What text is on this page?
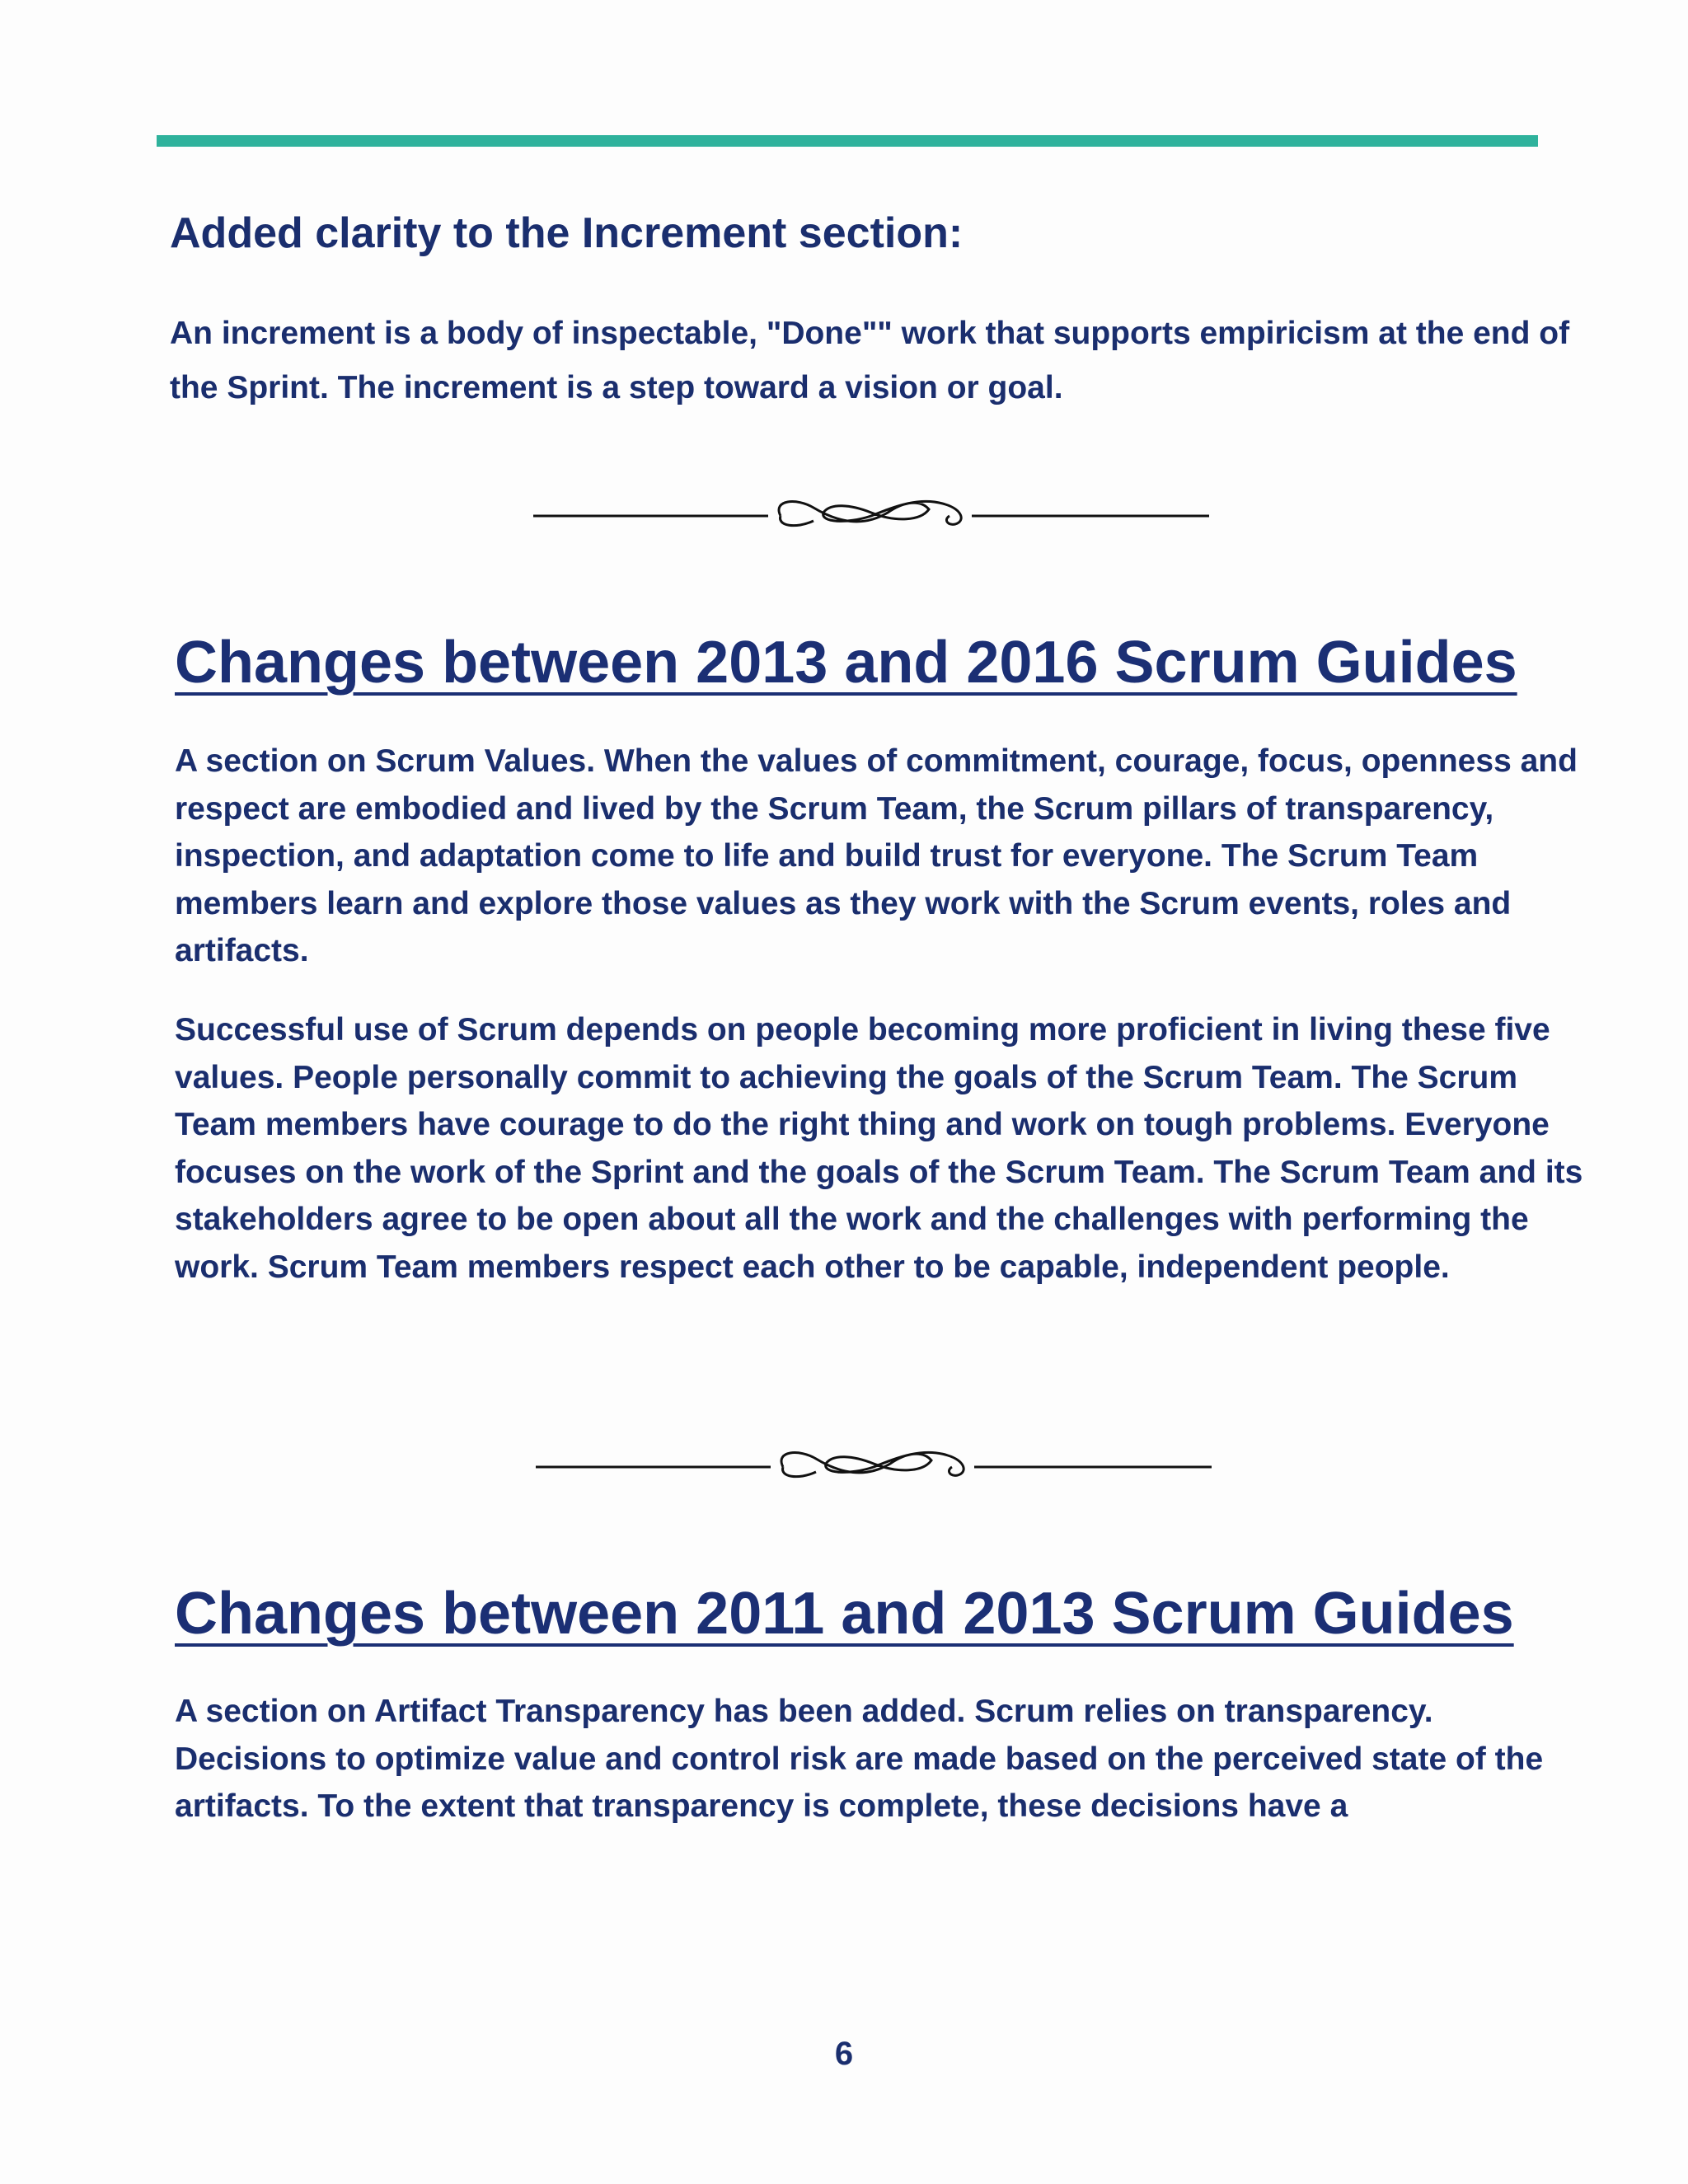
Added clarity to the Increment section:
An increment is a body of inspectable, "Done"" work that supports empiricism at the end of the Sprint. The increment is a step toward a vision or goal.
Changes between 2013 and 2016 Scrum Guides
A section on Scrum Values. When the values of commitment, courage, focus, openness and respect are embodied and lived by the Scrum Team, the Scrum pillars of transparency, inspection, and adaptation come to life and build trust for everyone. The Scrum Team members learn and explore those values as they work with the Scrum events, roles and artifacts.
Successful use of Scrum depends on people becoming more proficient in living these five values. People personally commit to achieving the goals of the Scrum Team. The Scrum Team members have courage to do the right thing and work on tough problems. Everyone focuses on the work of the Sprint and the goals of the Scrum Team. The Scrum Team and its stakeholders agree to be open about all the work and the challenges with performing the work. Scrum Team members respect each other to be capable, independent people.
Changes between 2011 and 2013 Scrum Guides
A section on Artifact Transparency has been added. Scrum relies on transparency. Decisions to optimize value and control risk are made based on the perceived state of the artifacts. To the extent that transparency is complete, these decisions have a
6
